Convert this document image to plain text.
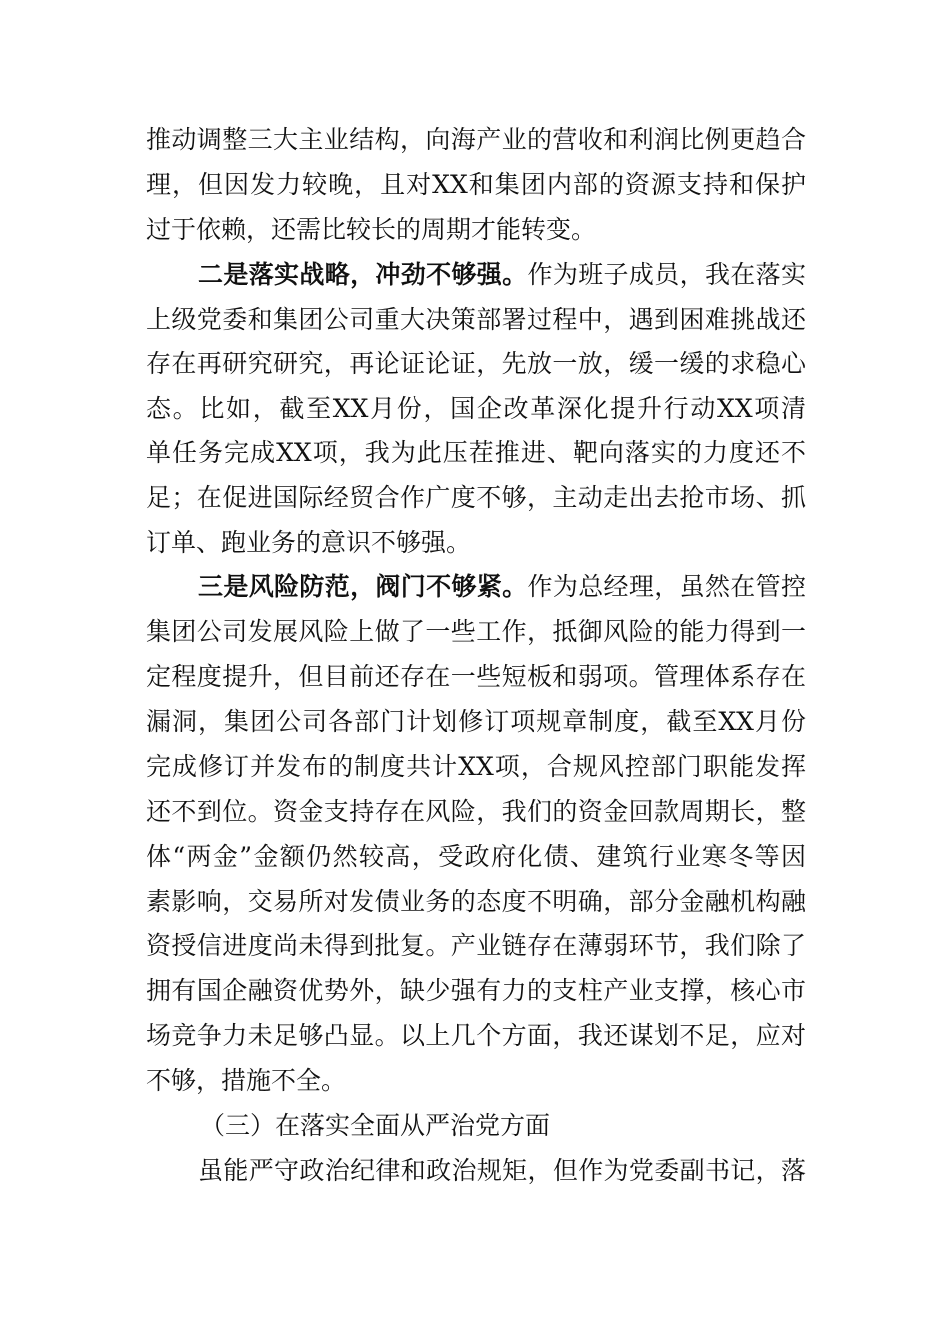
推动调整三大主业结构，向海产业的营收和利润比例更趋合
理，但因发力较晚，且对XX和集团内部的资源支持和保护
过于依赖，还需比较长的周期才能转变。
二是落实战略，冲劲不够强。作为班子成员，我在落实
上级党委和集团公司重大决策部署过程中，遇到困难挑战还
存在再研究研究，再论证论证，先放一放，缓一缓的求稳心
态。比如，截至XX月份，国企改革深化提升行动XX项清
单任务完成XX项，我为此压茬推进、靶向落实的力度还不
足；在促进国际经贸合作广度不够，主动走出去抢市场、抓
订单、跑业务的意识不够强。
三是风险防范，阀门不够紧。作为总经理，虽然在管控
集团公司发展风险上做了一些工作，抵御风险的能力得到一
定程度提升，但目前还存在一些短板和弱项。管理体系存在
漏洞，集团公司各部门计划修订项规章制度，截至XX月份
完成修订并发布的制度共计XX项，合规风控部门职能发挥
还不到位。资金支持存在风险，我们的资金回款周期长，整
体“两金”金额仍然较高，受政府化债、建筑行业寒冬等因
素影响，交易所对发债业务的态度不明确，部分金融机构融
资授信进度尚未得到批复。产业链存在薄弱环节，我们除了
拥有国企融资优势外，缺少强有力的支柱产业支撑，核心市
场竞争力未足够凸显。以上几个方面，我还谋划不足，应对
不够，措施不全。
（三）在落实全面从严治党方面
虽能严守政治纪律和政治规矩，但作为党委副书记，落
